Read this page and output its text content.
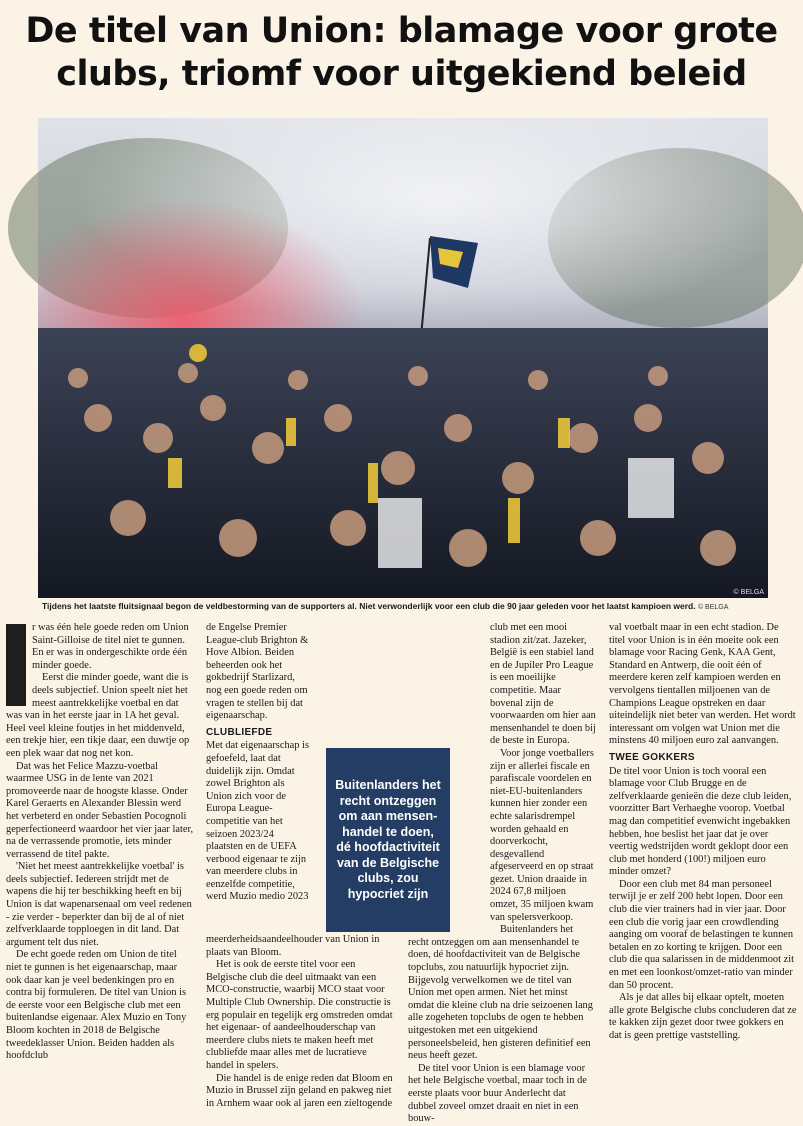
De titel van Union: blamage voor grote clubs, triomf voor uitgekiend beleid
© BELGA
Tijdens het laatste fluitsignaal begon de veldbestorming van de supporters al. Niet verwonderlijk voor een club die 90 jaar geleden voor het laatst kampioen werd. © BELGA

r was één hele goede reden om Union Saint-Gilloise de titel niet te gunnen. En er was in ondergeschikte orde één minder goede.

Eerst die minder goede, want die is deels subjectief. Union speelt niet het meest aantrekkelijke voetbal en dat was van in het eerste jaar in 1A het geval. Heel veel kleine foutjes in het middenveld, een trekje hier, een tikje daar, een duwtje op een plek waar dat nog net kon.

Dat was het Felice Mazzu-voetbal waarmee USG in de lente van 2021 promoveerde naar de hoogste klasse. Onder Karel Geraerts en Alexander Blessin werd het verbeterd en onder Sebastien Pocognoli geperfectioneerd waardoor het vier jaar later, na de verrassende promotie, iets minder verrassend de titel pakte.

'Niet het meest aantrekkelijke voetbal' is deels subjectief. Iedereen strijdt met de wapens die hij ter beschikking heeft en bij Union is dat wapenarsenaal om veel redenen - zie verder - beperkter dan bij de al of niet zelfverklaarde topploegen in dit land. Dat argument telt dus niet.

De echt goede reden om Union de titel niet te gunnen is het eigenaarschap, maar ook daar kan je veel bedenkingen pro en contra bij formuleren. De titel van Union is de eerste voor een Belgische club met een buitenlandse eigenaar. Alex Muzio en Tony Bloom kochten in 2018 de Belgische tweedeklasser Union. Beiden hadden als hoofdclub

de Engelse Premier League-club Brighton & Hove Albion. Beiden beheerden ook het gokbedrijf Starlizard, nog een goede reden om vragen te stellen bij dat eigenaarschap.

CLUBLIEFDE

Met dat eigenaarschap is gefoefeld, laat dat duidelijk zijn. Omdat zowel Brighton als Union zich voor de Europa League-competitie van het seizoen 2023/24 plaatsten en de UEFA verbood eigenaar te zijn van meerdere clubs in eenzelfde competitie, werd Muzio medio 2023 meerderheidsaandeelhouder van Union in plaats van Bloom.

Het is ook de eerste titel voor een Belgische club die deel uitmaakt van een MCO-constructie, waarbij MCO staat voor Multiple Club Ownership. Die constructie is erg populair en tegelijk erg omstreden omdat het eigenaar- of aandeelhouderschap van meerdere clubs niets te maken heeft met clubliefde maar alles met de lucratieve handel in spelers.

Die handel is de enige reden dat Bloom en Muzio in Brussel zijn geland en pakweg niet in Arnhem waar ook al jaren een zieltogende

club met een mooi stadion zit/zat. Jazeker, België is een stabiel land en de Jupiler Pro League is een moeilijke competitie. Maar bovenal zijn de voorwaarden om hier aan mensenhandel te doen bij de beste in Europa.

Voor jonge voetballers zijn er allerlei fiscale en parafiscale voordelen en niet-EU-buitenlanders kunnen hier zonder een echte salarisdrempel worden gehaald en doorverkocht, desgevallend afgeserveerd en op straat gezet. Union draaide in 2024 67,8 miljoen omzet, 35 miljoen kwam van spelersverkoop.

Buitenlanders het recht ontzeggen om aan mensenhandel te doen, dé hoofdactiviteit van de Belgische topclubs, zou natuurlijk hypocriet zijn. Bijgevolg verwelkomen we de titel van Union met open armen. Niet het minst omdat die kleine club na drie seizoenen lang alle zogeheten topclubs de ogen te hebben uitgestoken met een uitgekiend personeelsbeleid, hen gisteren definitief een neus heeft gezet.

De titel voor Union is een blamage voor het hele Belgische voetbal, maar toch in de eerste plaats voor buur Anderlecht dat dubbel zoveel omzet draait en niet in een bouw-

val voetbalt maar in een echt stadion. De titel voor Union is in één moeite ook een blamage voor Racing Genk, KAA Gent, Standard en Antwerp, die ooit één of meerdere keren zelf kampioen werden en vervolgens tientallen miljoenen van de Champions League opstreken en daar uiteindelijk niet beter van werden. Het wordt interessant om volgen wat Union met die minstens 40 miljoen euro zal aanvangen.

TWEE GOKKERS

De titel voor Union is toch vooral een blamage voor Club Brugge en de zelfverklaarde genieën die deze club leiden, voorzitter Bart Verhaeghe voorop. Voetbal mag dan competitief evenwicht ingebakken hebben, hoe beslist het jaar dat je over veertig wedstrijden wordt geklopt door een club met honderd (100!) miljoen euro minder omzet?

Door een club met 84 man personeel terwijl je er zelf 200 hebt lopen. Door een club die vier trainers had in vier jaar. Door een club die vorig jaar een crowdlending aanging om vooraf de belastingen te kunnen betalen en zo korting te krijgen. Door een club die qua salarissen in de middenmoot zit en met een loonkost/omzet-ratio van minder dan 50 procent.

Als je dat alles bij elkaar optelt, moeten alle grote Belgische clubs concluderen dat ze te kakken zijn gezet door twee gokkers en dat is geen prettige vaststelling.

Buitenlanders het recht ontzeggen om aan mensen-handel te doen, dé hoofdactiviteit van de Belgische clubs, zou hypocriet zijn
